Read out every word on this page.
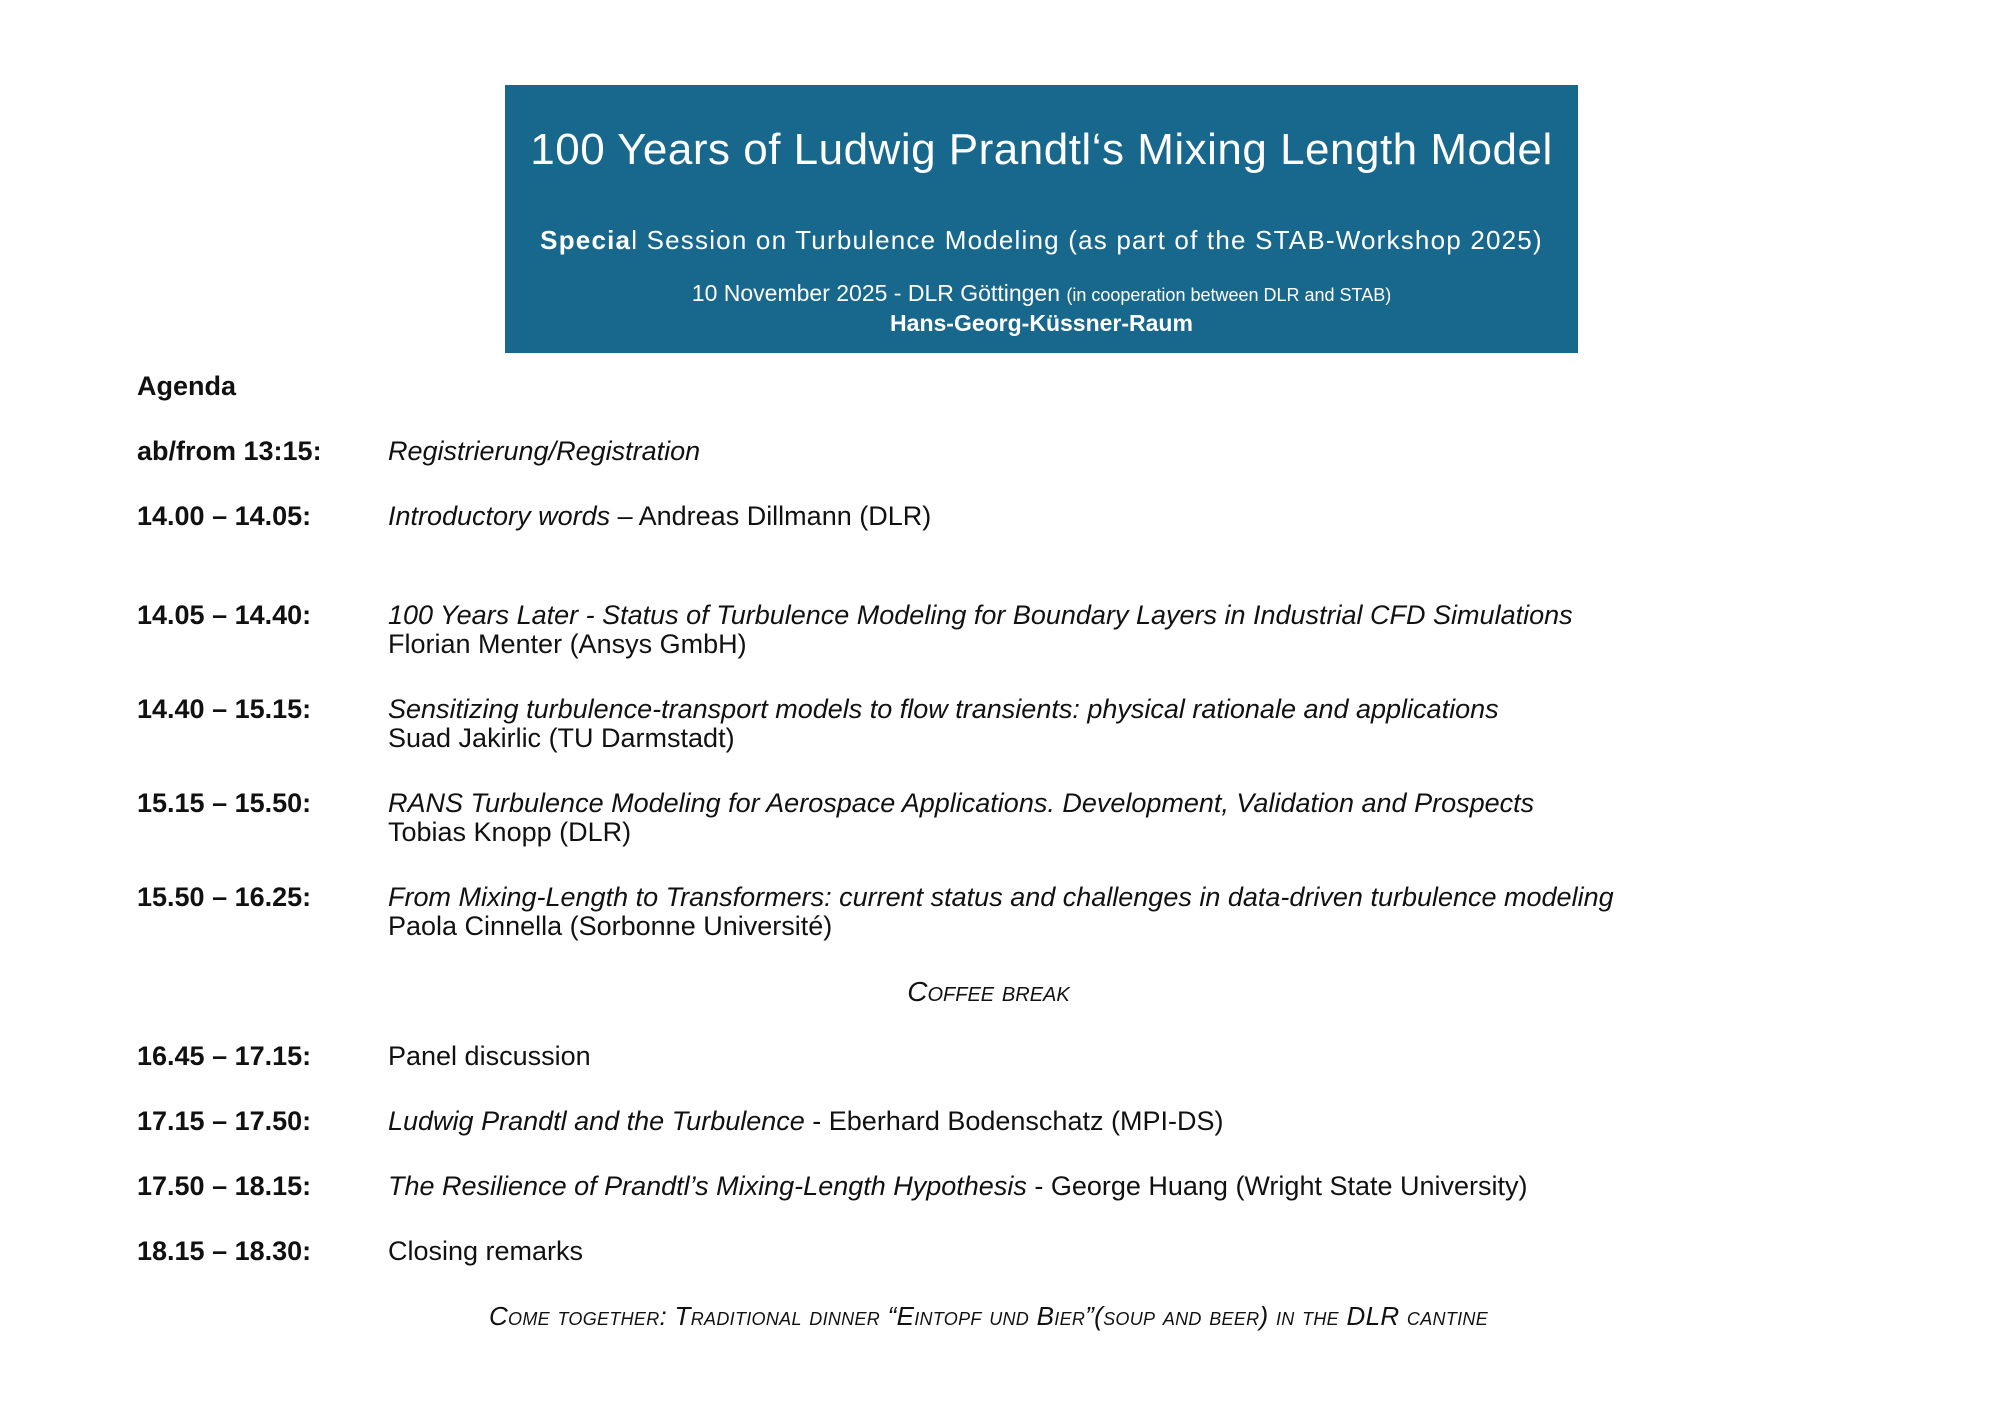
100 Years of Ludwig Prandtl‘s Mixing Length Model
Special Session on Turbulence Modeling (as part of the STAB-Workshop 2025)
10 November 2025 - DLR Göttingen (in cooperation between DLR and STAB)
Hans-Georg-Küssner-Raum
Agenda
ab/from 13:15:	Registrierung/Registration
14.00 – 14.05:	Introductory words – Andreas Dillmann (DLR)
14.05 – 14.40:	100 Years Later - Status of Turbulence Modeling for Boundary Layers in Industrial CFD Simulations
Florian Menter (Ansys GmbH)
14.40 – 15.15:	Sensitizing turbulence-transport models to flow transients: physical rationale and applications
Suad Jakirlic (TU Darmstadt)
15.15 – 15.50:	RANS Turbulence Modeling for Aerospace Applications. Development, Validation and Prospects
Tobias Knopp (DLR)
15.50 – 16.25:	From Mixing-Length to Transformers: current status and challenges in data-driven turbulence modeling
Paola Cinnella (Sorbonne Université)
Coffee break
16.45 – 17.15:	Panel discussion
17.15 – 17.50:	Ludwig Prandtl and the Turbulence - Eberhard Bodenschatz (MPI-DS)
17.50 – 18.15:	The Resilience of Prandtl’s Mixing-Length Hypothesis - George Huang (Wright State University)
18.15 – 18.30:	Closing remarks
Come together: Traditional dinner “Eintopf und Bier”(soup and beer) in the DLR cantine
